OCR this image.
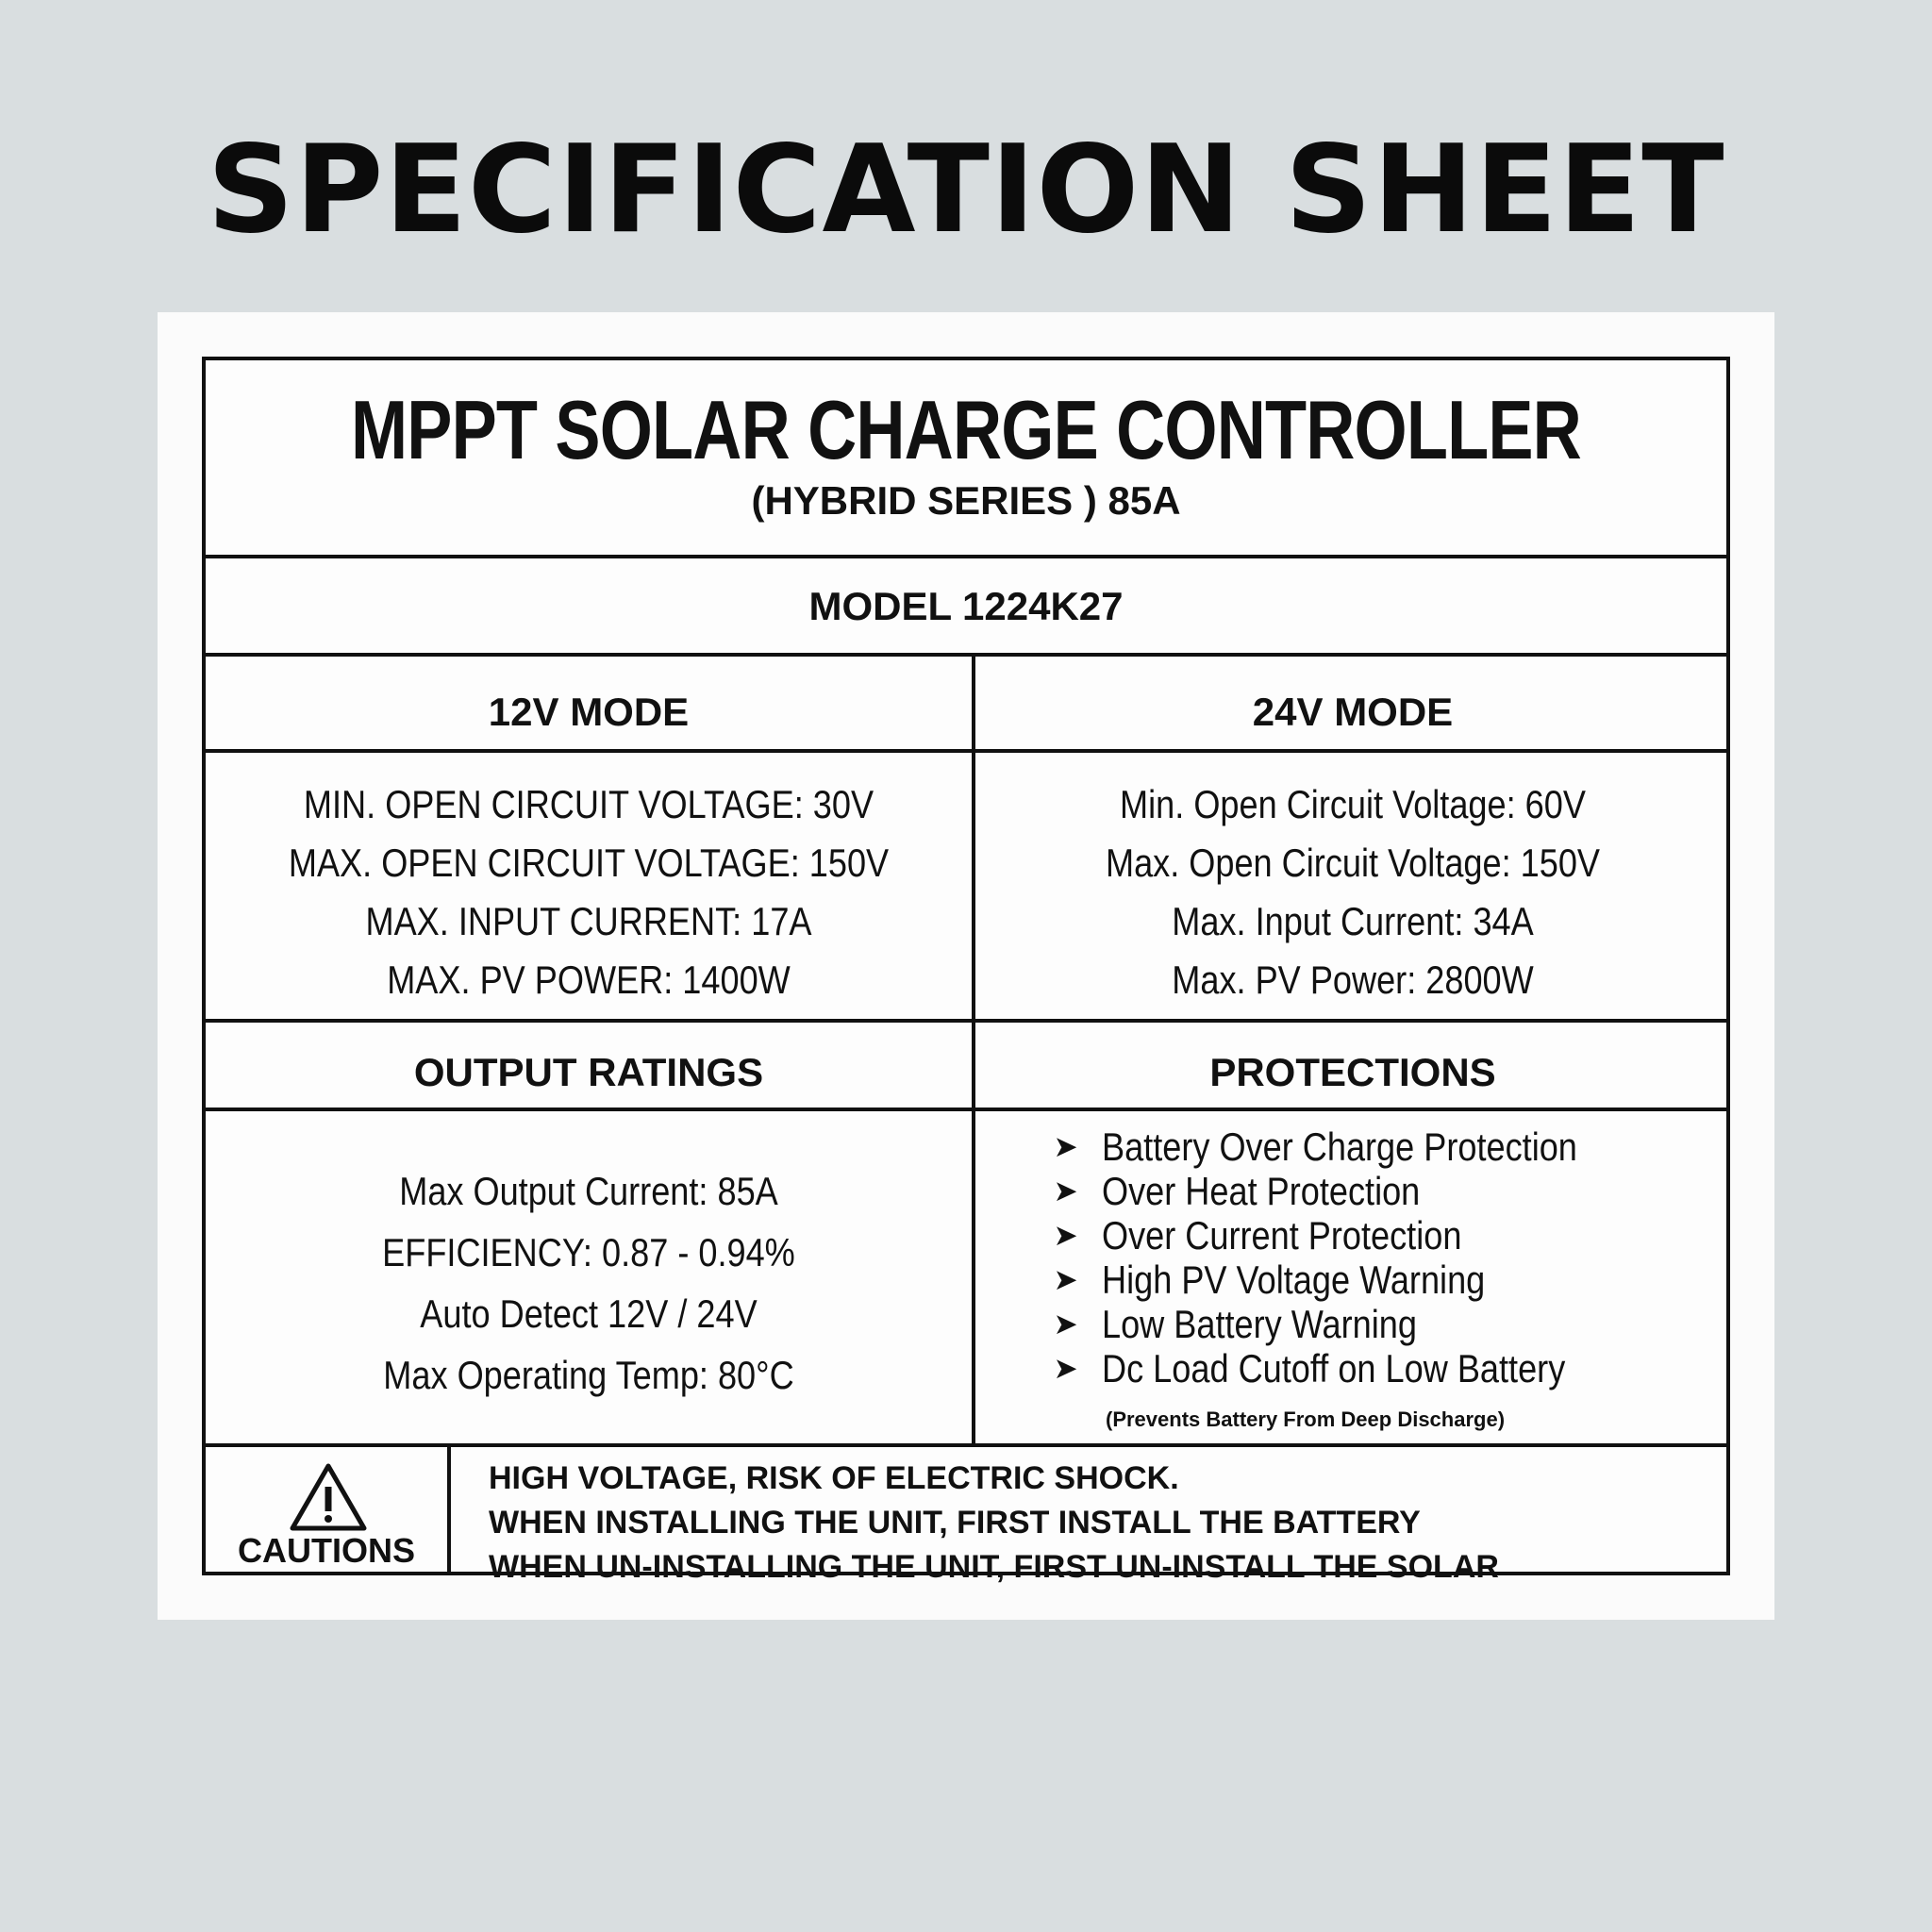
SPECIFICATION SHEET
MPPT SOLAR CHARGE CONTROLLER
(HYBRID SERIES ) 85A
MODEL 1224K27
12V MODE	24V MODE
MIN. OPEN CIRCUIT VOLTAGE: 30V
MAX. OPEN CIRCUIT VOLTAGE: 150V
MAX. INPUT CURRENT: 17A
MAX. PV POWER: 1400W
Min. Open Circuit Voltage: 60V
Max. Open Circuit Voltage: 150V
Max. Input Current: 34A
Max. PV Power: 2800W
OUTPUT RATINGS	PROTECTIONS
Max Output Current: 85A
EFFICIENCY: 0.87 - 0.94%
Auto Detect 12V / 24V
Max Operating Temp: 80°C
➤ Battery Over Charge Protection
➤ Over Heat Protection
➤ Over Current Protection
➤ High PV Voltage Warning
➤ Low Battery Warning
➤ Dc Load Cutoff on Low Battery
(Prevents Battery From Deep Discharge)
CAUTIONS
HIGH VOLTAGE, RISK OF ELECTRIC SHOCK.
WHEN INSTALLING THE UNIT, FIRST INSTALL THE BATTERY
WHEN UN-INSTALLING THE UNIT, FIRST UN-INSTALL THE SOLAR
